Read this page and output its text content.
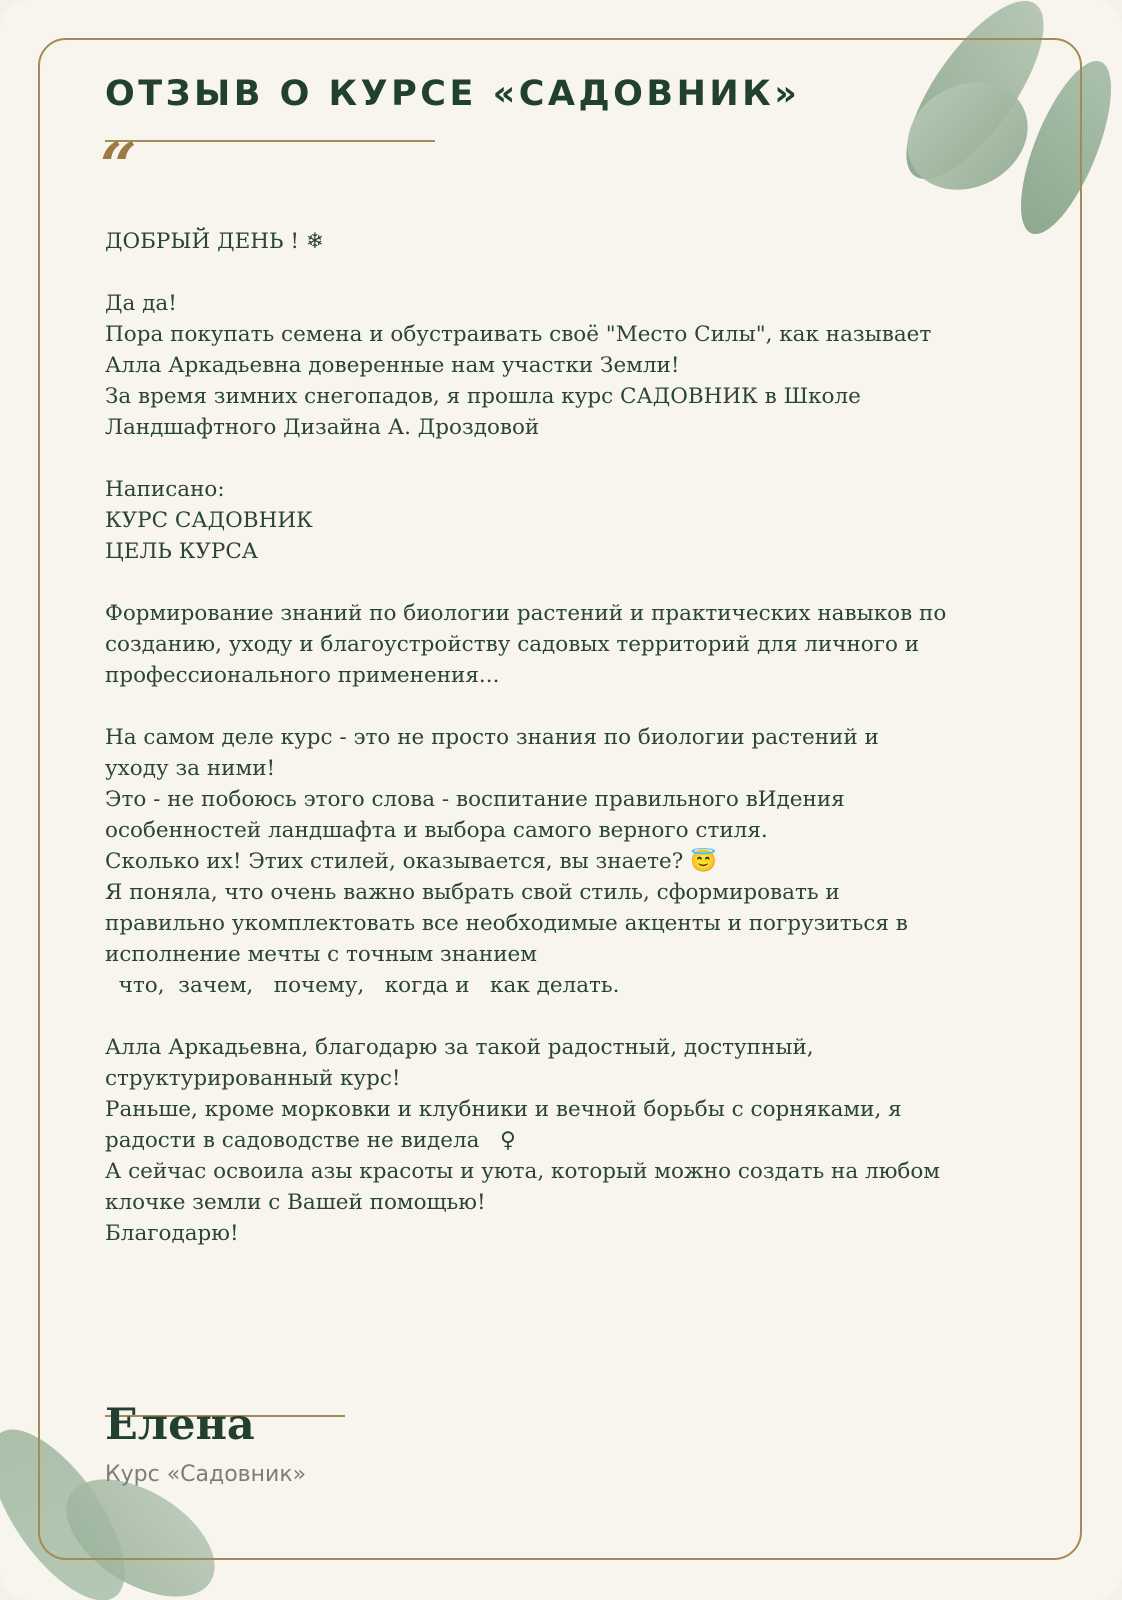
ОТЗЫВ О КУРСЕ «САДОВНИК»
“

ДОБРЫЙ ДЕНЬ ! ❄

Да да!

Пора покупать семена и обустраивать своё "Место Силы", как называет

Алла Аркадьевна доверенные нам участки Земли!

За время зимних снегопадов, я прошла курс САДОВНИК в Школе

Ландшафтного Дизайна А. Дроздовой

Написано:

КУРС САДОВНИК

ЦЕЛЬ КУРСА

Формирование знаний по биологии растений и практических навыков по

созданию, уходу и благоустройству садовых территорий для личного и

профессионального применения...

На самом деле курс - это не просто знания по биологии растений и

уходу за ними!

Это - не побоюсь этого слова - воспитание правильного вИдения

особенностей ландшафта и выбора самого верного стиля.

Сколько их! Этих стилей, оказывается, вы знаете? 😇

Я поняла, что очень важно выбрать свой стиль, сформировать и

правильно укомплектовать все необходимые акценты и погрузиться в

исполнение мечты с точным знанием

что,  зачем,   почему,   когда и   как делать.

Алла Аркадьевна, благодарю за такой радостный, доступный,

структурированный курс!

Раньше, кроме морковки и клубники и вечной борьбы с сорняками, я

радости в садоводстве не видела   ♀

А сейчас освоила азы красоты и уюта, который можно создать на любом

клочке земли с Вашей помощью!

Благодарю!

Елена
Курс «Садовник»
